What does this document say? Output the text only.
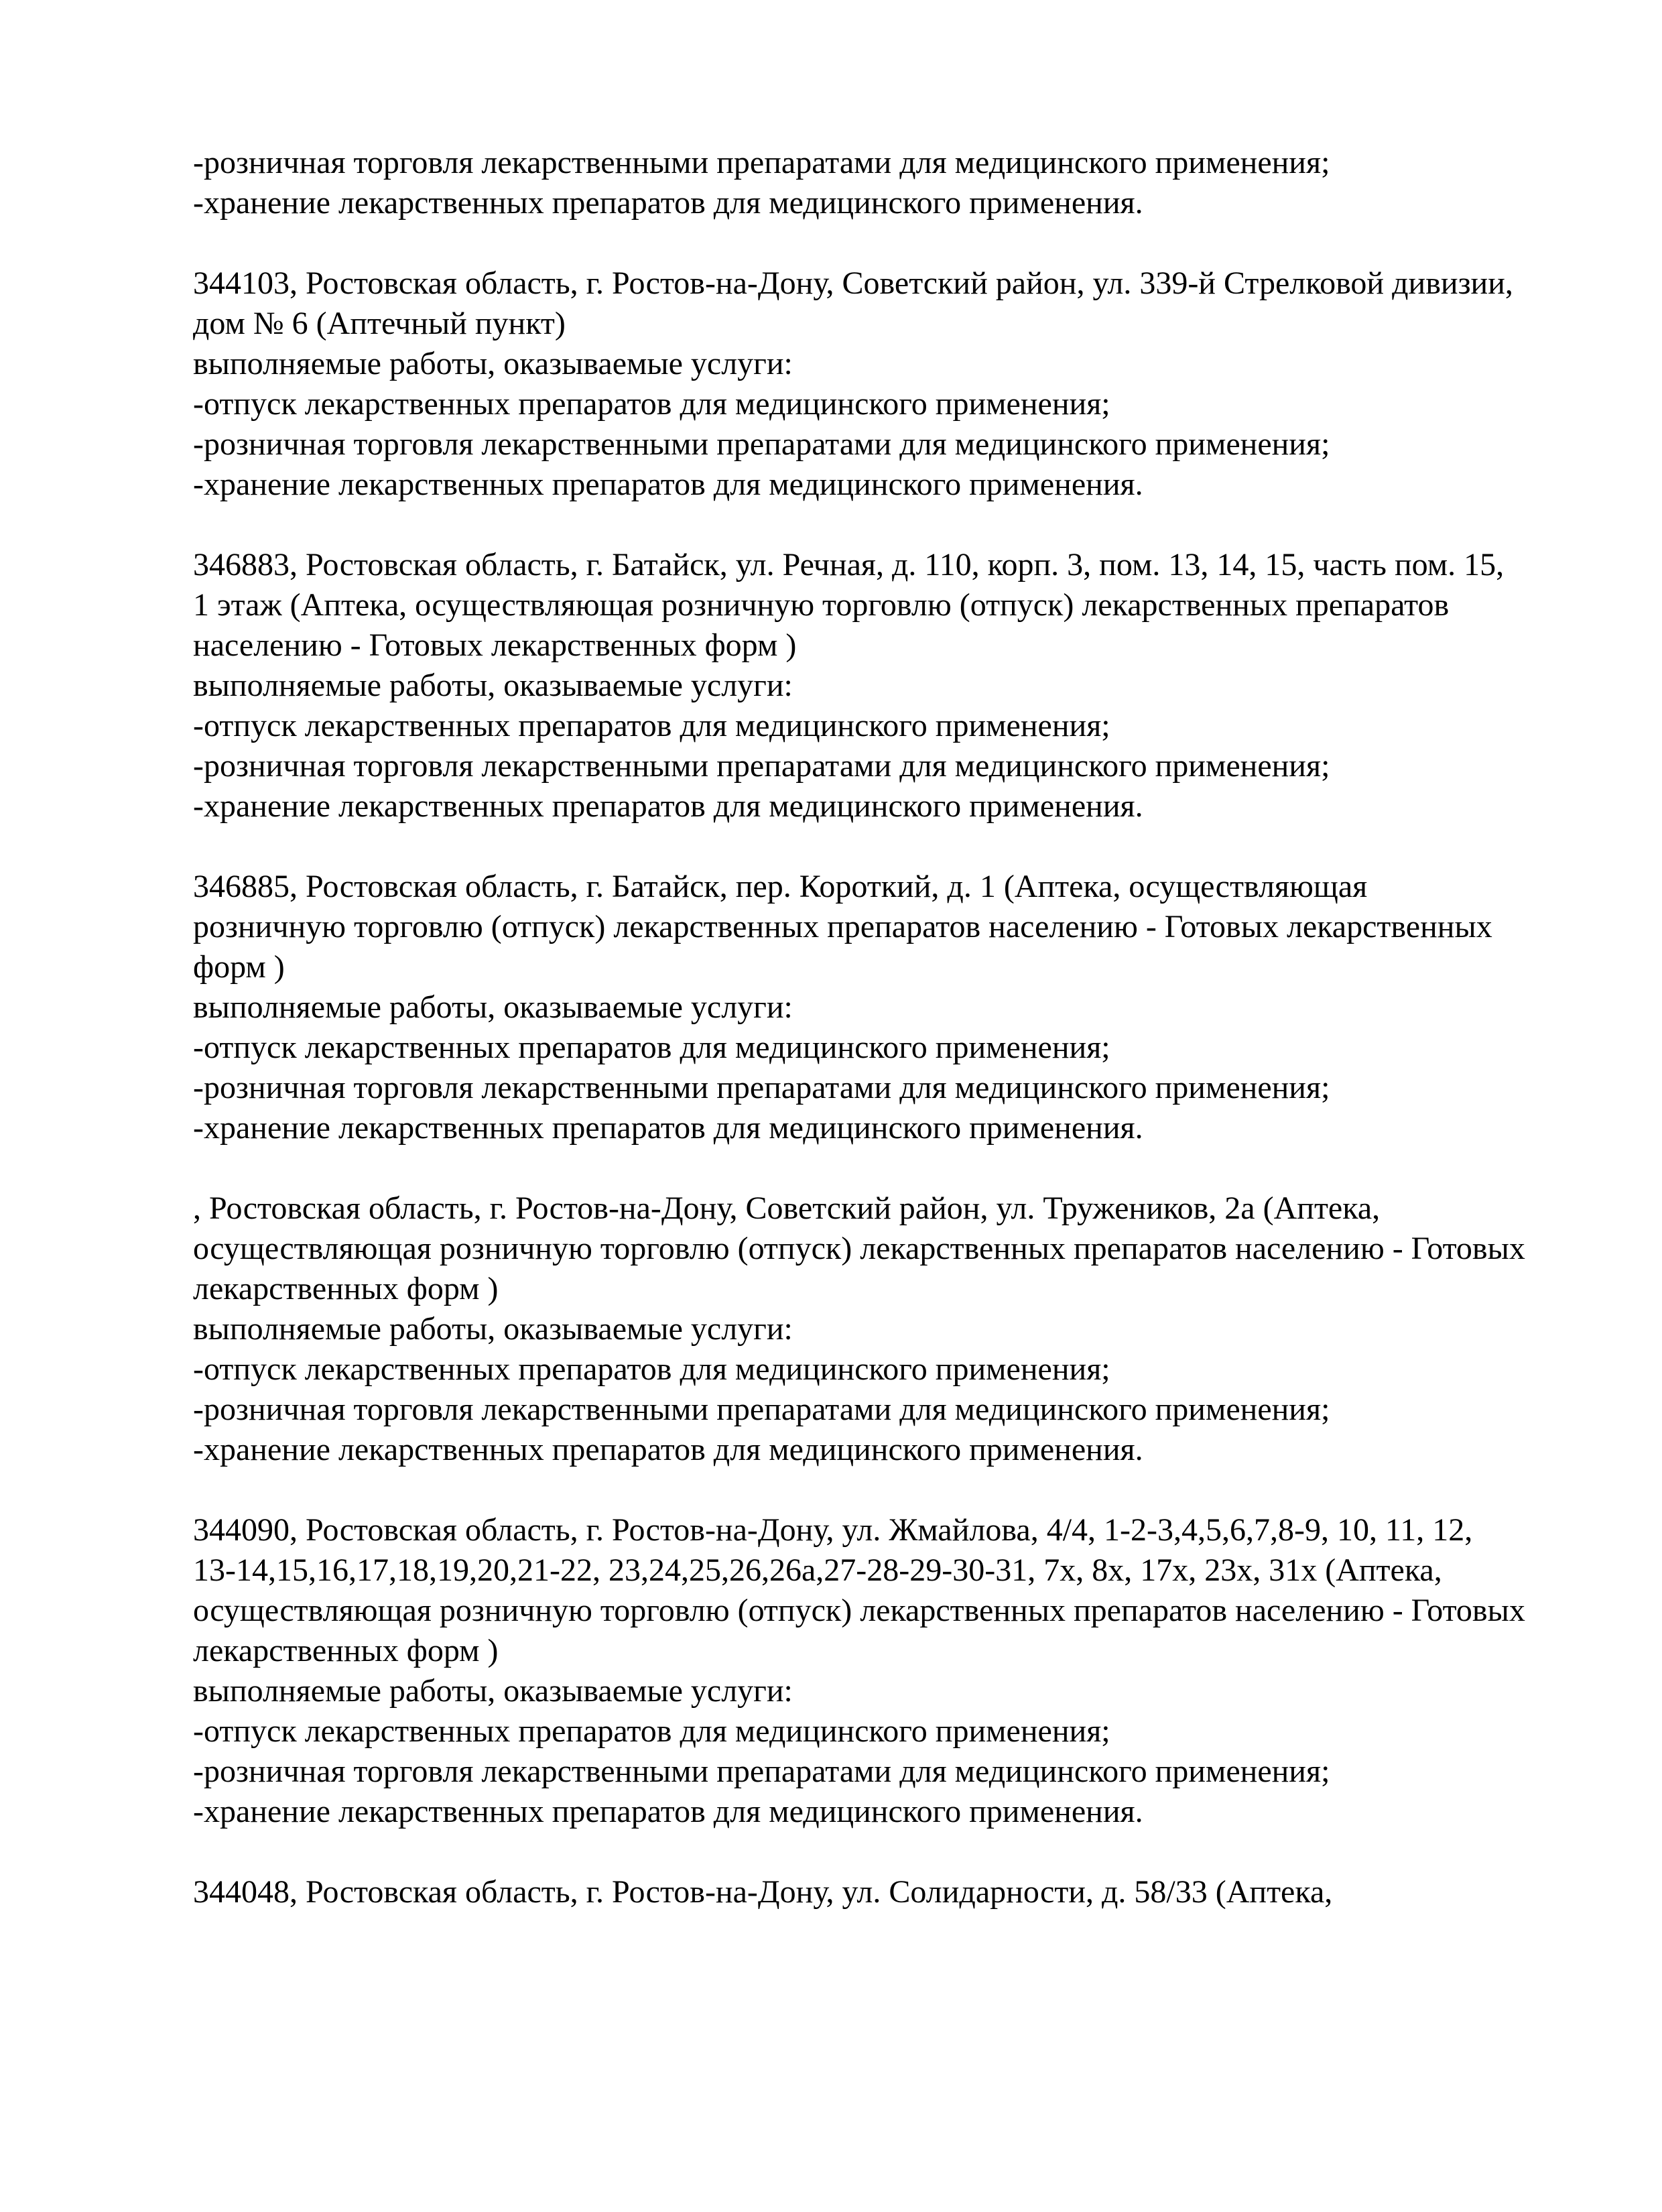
-розничная торговля лекарственными препаратами для медицинского применения;
-хранение лекарственных препаратов для медицинского применения.
344103, Ростовская область, г. Ростов-на-Дону, Советский район, ул. 339-й Стрелковой дивизии,
дом № 6 (Аптечный пункт)
выполняемые работы, оказываемые услуги:
-отпуск лекарственных препаратов для медицинского применения;
-розничная торговля лекарственными препаратами для медицинского применения;
-хранение лекарственных препаратов для медицинского применения.
346883, Ростовская область, г. Батайск, ул. Речная, д. 110, корп. 3, пом. 13, 14, 15, часть пом. 15,
1 этаж (Аптека, осуществляющая розничную торговлю (отпуск) лекарственных препаратов
населению - Готовых лекарственных форм )
выполняемые работы, оказываемые услуги:
-отпуск лекарственных препаратов для медицинского применения;
-розничная торговля лекарственными препаратами для медицинского применения;
-хранение лекарственных препаратов для медицинского применения.
346885, Ростовская область, г. Батайск, пер. Короткий, д. 1 (Аптека, осуществляющая
розничную торговлю (отпуск) лекарственных препаратов населению - Готовых лекарственных
форм )
выполняемые работы, оказываемые услуги:
-отпуск лекарственных препаратов для медицинского применения;
-розничная торговля лекарственными препаратами для медицинского применения;
-хранение лекарственных препаратов для медицинского применения.
, Ростовская область, г. Ростов-на-Дону, Советский район, ул. Тружеников, 2а (Аптека,
осуществляющая розничную торговлю (отпуск) лекарственных препаратов населению - Готовых
лекарственных форм )
выполняемые работы, оказываемые услуги:
-отпуск лекарственных препаратов для медицинского применения;
-розничная торговля лекарственными препаратами для медицинского применения;
-хранение лекарственных препаратов для медицинского применения.
344090, Ростовская область, г. Ростов-на-Дону, ул. Жмайлова, 4/4, 1-2-3,4,5,6,7,8-9, 10, 11, 12,
13-14,15,16,17,18,19,20,21-22, 23,24,25,26,26а,27-28-29-30-31, 7х, 8х, 17х, 23х, 31х (Аптека,
осуществляющая розничную торговлю (отпуск) лекарственных препаратов населению - Готовых
лекарственных форм )
выполняемые работы, оказываемые услуги:
-отпуск лекарственных препаратов для медицинского применения;
-розничная торговля лекарственными препаратами для медицинского применения;
-хранение лекарственных препаратов для медицинского применения.
344048, Ростовская область, г. Ростов-на-Дону, ул. Солидарности, д. 58/33 (Аптека,
